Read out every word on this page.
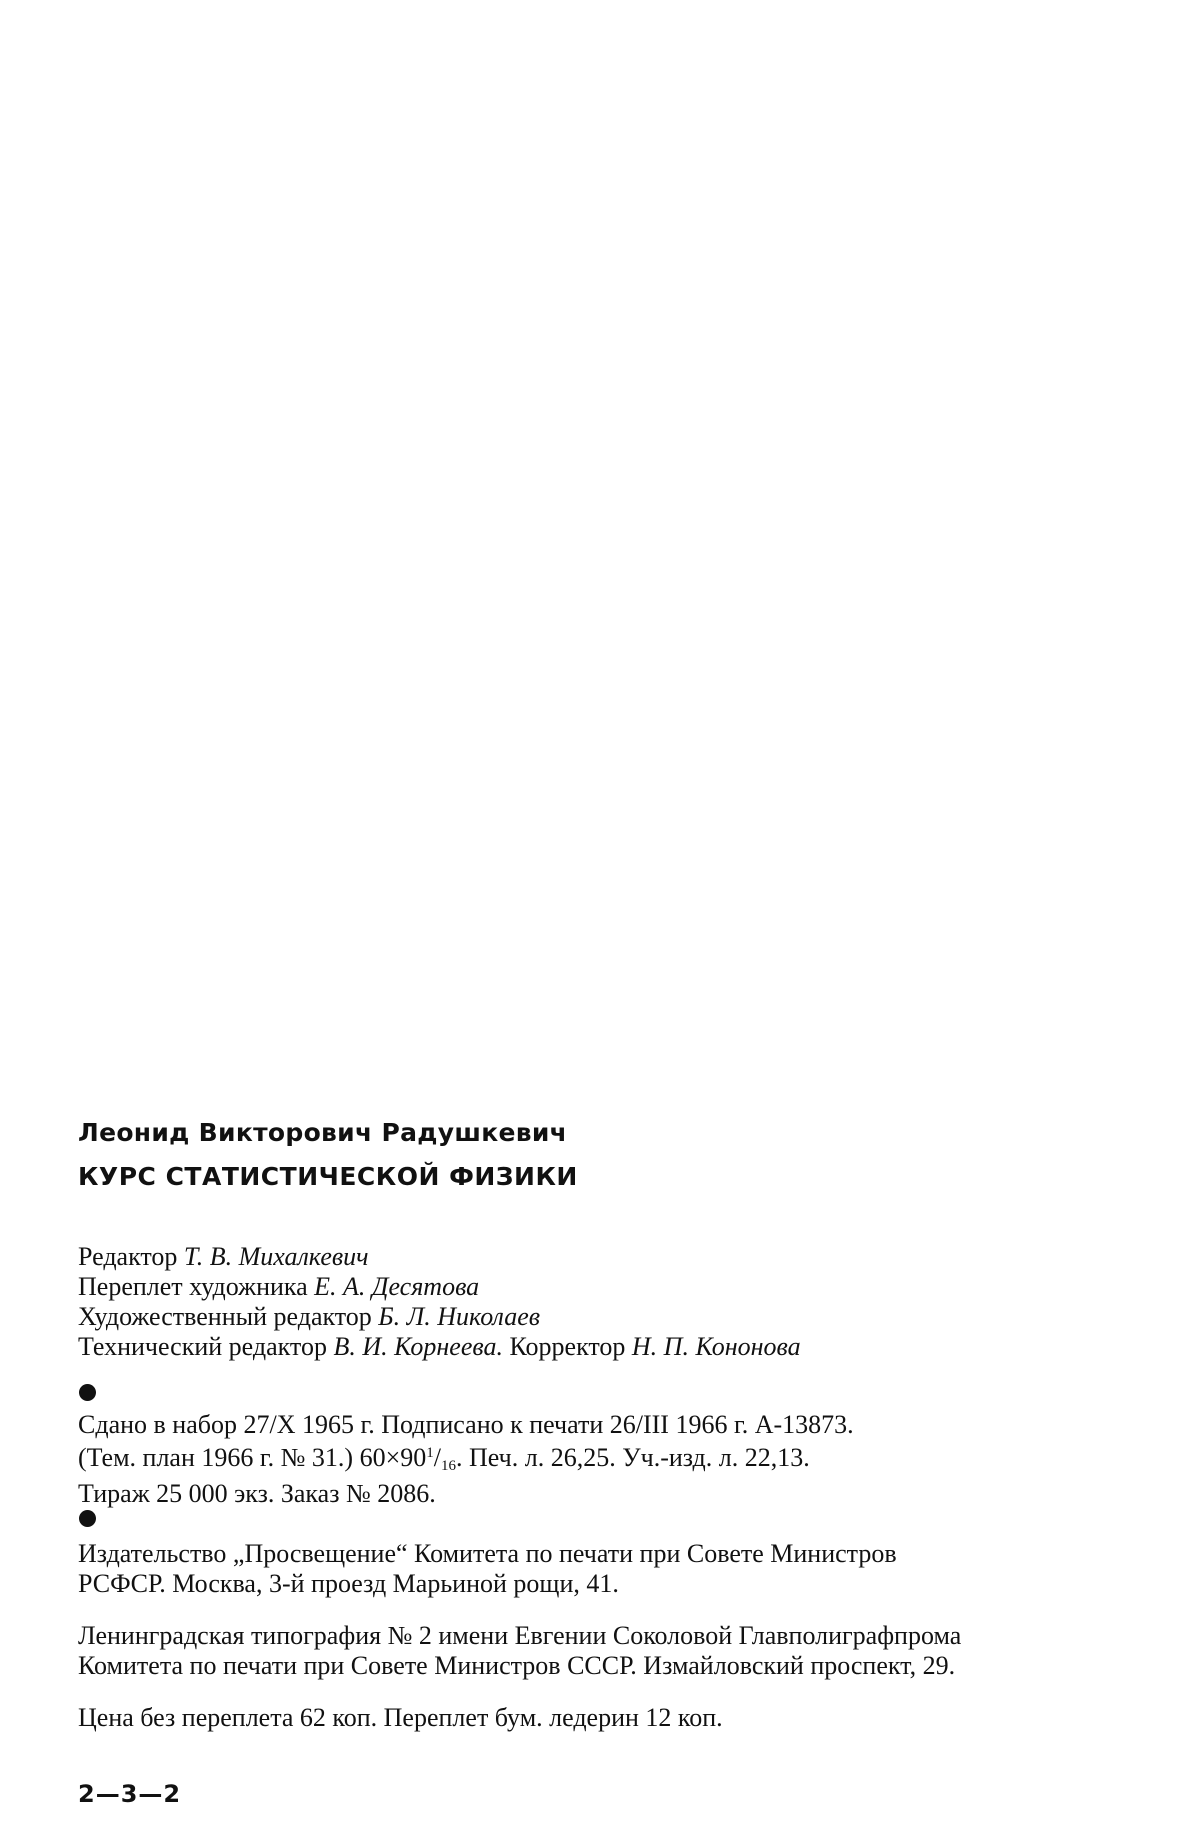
Леонид Викторович Радушкевич

КУРС СТАТИСТИЧЕСКОЙ ФИЗИКИ

Редактор Т. В. Михалкевич
Переплет художника Е. А. Десятова
Художественный редактор Б. Л. Николаев
Технический редактор В. И. Корнеева. Корректор Н. П. Кононова
Сдано в набор 27/X 1965 г. Подписано к печати 26/III 1966 г. А-13873.
(Тем. план 1966 г. № 31.) $60\times 90^1/_{16}$. Печ. л. 26,25. Уч.-изд. л. 22,13.
Тираж 25 000 экз. Заказ № 2086.
Издательство „Просвещение“ Комитета по печати при Совете Министров
РСФСР. Москва, 3-й проезд Марьиной рощи, 41.
Ленинградская типография № 2 имени Евгении Соколовой Главполиграфпрома
Комитета по печати при Совете Министров СССР. Измайловский проспект, 29.
Цена без переплета 62 коп. Переплет бум. ледерин 12 коп.
2—3—2
